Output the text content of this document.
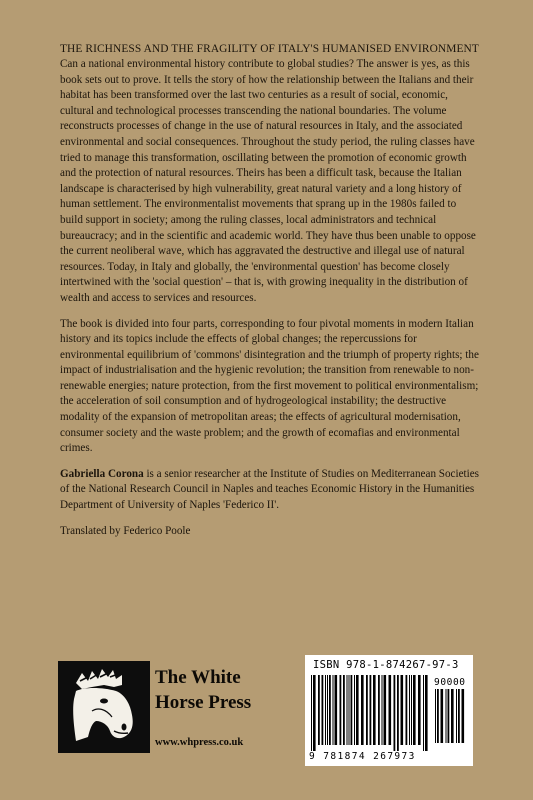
THE RICHNESS AND THE FRAGILITY OF ITALY'S HUMANISED ENVIRONMENT

Can a national environmental history contribute to global studies? The answer is yes, as this book sets out to prove. It tells the story of how the relationship between the Italians and their habitat has been transformed over the last two centuries as a result of social, economic, cultural and technological processes transcending the national boundaries. The volume reconstructs processes of change in the use of natural resources in Italy, and the associated environmental and social consequences. Throughout the study period, the ruling classes have tried to manage this transformation, oscillating between the promotion of economic growth and the protection of natural resources. Theirs has been a difficult task, because the Italian landscape is characterised by high vulnerability, great natural variety and a long history of human settlement. The environmentalist movements that sprang up in the 1980s failed to build support in society; among the ruling classes, local administrators and technical bureaucracy; and in the scientific and academic world. They have thus been unable to oppose the current neoliberal wave, which has aggravated the destructive and illegal use of natural resources. Today, in Italy and globally, the 'environmental question' has become closely intertwined with the 'social question' – that is, with growing inequality in the distribution of wealth and access to services and resources.

The book is divided into four parts, corresponding to four pivotal moments in modern Italian history and its topics include the effects of global changes; the repercussions for environmental equilibrium of 'commons' disintegration and the triumph of property rights; the impact of industrialisation and the hygienic revolution; the transition from renewable to non-renewable energies; nature protection, from the first movement to political environmentalism; the acceleration of soil consumption and of hydrogeological instability; the destructive modality of the expansion of metropolitan areas; the effects of agricultural modernisation, consumer society and the waste problem; and the growth of ecomafias and environmental crimes.

Gabriella Corona is a senior researcher at the Institute of Studies on Mediterranean Societies of the National Research Council in Naples and teaches Economic History in the Humanities Department of University of Naples 'Federico II'.

Translated by Federico Poole

The White
Horse Press
www.whpress.co.uk
ISBN 978-1-874267-97-3
90000
9 781874 267973
